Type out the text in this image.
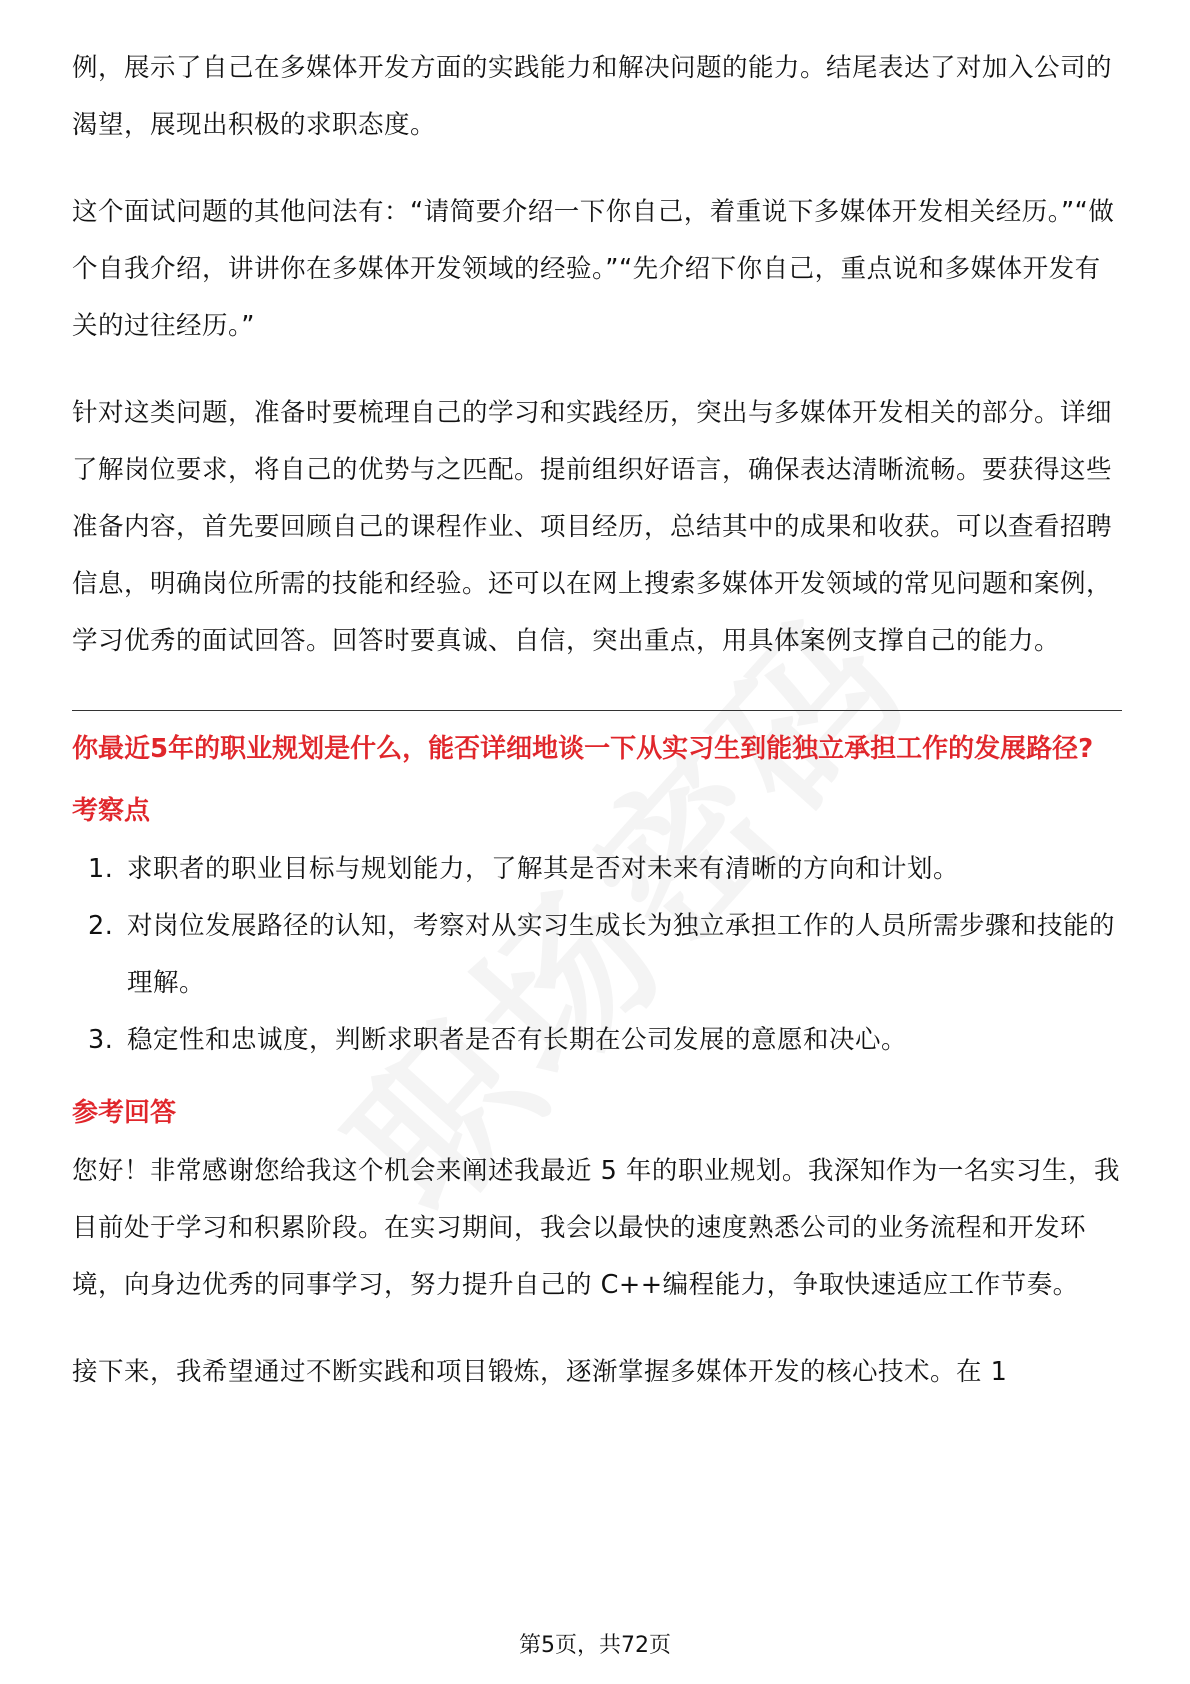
例，展示了自己在多媒体开发方面的实践能力和解决问题的能力。结尾表达了对加入公司的渴望，展现出积极的求职态度。

这个面试问题的其他问法有：“请简要介绍一下你自己，着重说下多媒体开发相关经历。”“做个自我介绍，讲讲你在多媒体开发领域的经验。”“先介绍下你自己，重点说和多媒体开发有关的过往经历。”

针对这类问题，准备时要梳理自己的学习和实践经历，突出与多媒体开发相关的部分。详细了解岗位要求，将自己的优势与之匹配。提前组织好语言，确保表达清晰流畅。要获得这些准备内容，首先要回顾自己的课程作业、项目经历，总结其中的成果和收获。可以查看招聘信息，明确岗位所需的技能和经验。还可以在网上搜索多媒体开发领域的常见问题和案例，学习优秀的面试回答。回答时要真诚、自信，突出重点，用具体案例支撑自己的能力。

你最近5年的职业规划是什么，能否详细地谈一下从实习生到能独立承担工作的发展路径?
考察点
1. 求职者的职业目标与规划能力，了解其是否对未来有清晰的方向和计划。
2. 对岗位发展路径的认知，考察对从实习生成长为独立承担工作的人员所需步骤和技能的理解。
3. 稳定性和忠诚度，判断求职者是否有长期在公司发展的意愿和决心。
参考回答

您好！非常感谢您给我这个机会来阐述我最近 5 年的职业规划。我深知作为一名实习生，我目前处于学习和积累阶段。在实习期间，我会以最快的速度熟悉公司的业务流程和开发环境，向身边优秀的同事学习，努力提升自己的 C++编程能力，争取快速适应工作节奏。

接下来，我希望通过不断实践和项目锻炼，逐渐掌握多媒体开发的核心技术。在 1

第5页，共72页
